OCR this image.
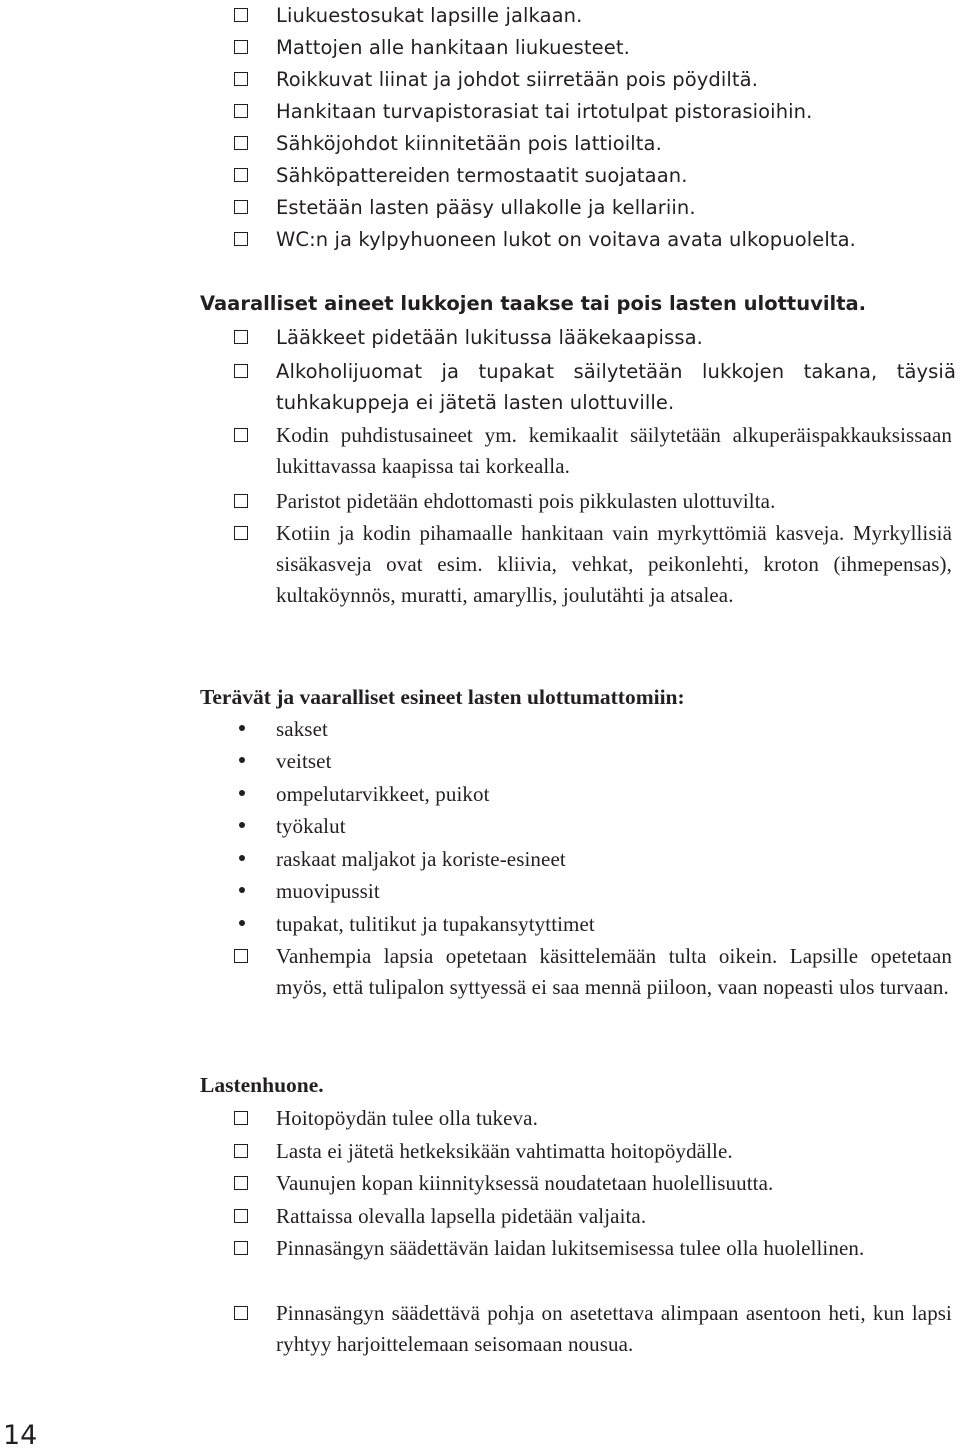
Liukuestosukat lapsille jalkaan.
Mattojen alle hankitaan liukuesteet.
Roikkuvat liinat ja johdot siirretään pois pöydiltä.
Hankitaan turvapistorasiat tai irtotulpat pistorasioihin.
Sähköjohdot kiinnitetään pois lattioilta.
Sähköpattereiden termostaatit suojataan.
Estetään lasten pääsy ullakolle ja kellariin.
WC:n ja kylpyhuoneen lukot on voitava avata ulkopuolelta.
Vaaralliset aineet lukkojen taakse tai pois lasten ulottuvilta.
Lääkkeet pidetään lukitussa lääkekaapissa.
Alkoholijuomat ja tupakat säilytetään lukkojen takana, täysiä tuhkakuppeja ei jätetä lasten ulottuville.
Kodin puhdistusaineet ym. kemikaalit säilytetään alkuperäispakkauksissaan lukittavassa kaapissa tai korkealla.
Paristot pidetään ehdottomasti pois pikkulasten ulottuvilta.
Kotiin ja kodin pihamaalle hankitaan vain myrkyttömiä kasveja. Myrkyllisiä sisäkasveja ovat esim. kliivia, vehkat, peikonlehti, kroton (ihmepensas), kultaköynnös, muratti, amaryllis, joulutähti ja atsalea.
Terävät ja vaaralliset esineet lasten ulottumattomiin:
sakset
veitset
ompelutarvikkeet, puikot
työkalut
raskaat maljakot ja koriste-esineet
muovipussit
tupakat, tulitikut ja tupakansytyttimet
Vanhempia lapsia opetetaan käsittelemään tulta oikein. Lapsille opetetaan myös, että tulipalon syttyessä ei saa mennä piiloon, vaan nopeasti ulos turvaan.
Lastenhuone.
Hoitopöydän tulee olla tukeva.
Lasta ei jätetä hetkeksikään vahtimatta hoitopöydälle.
Vaunujen kopan kiinnityksessä noudatetaan huolellisuutta.
Rattaissa olevalla lapsella pidetään valjaita.
Pinnasängyn säädettävän laidan lukitsemisessa tulee olla huolellinen.
Pinnasängyn säädettävä pohja on asetettava alimpaan asentoon heti, kun lapsi ryhtyy harjoittelemaan seisomaan nousua.
14
